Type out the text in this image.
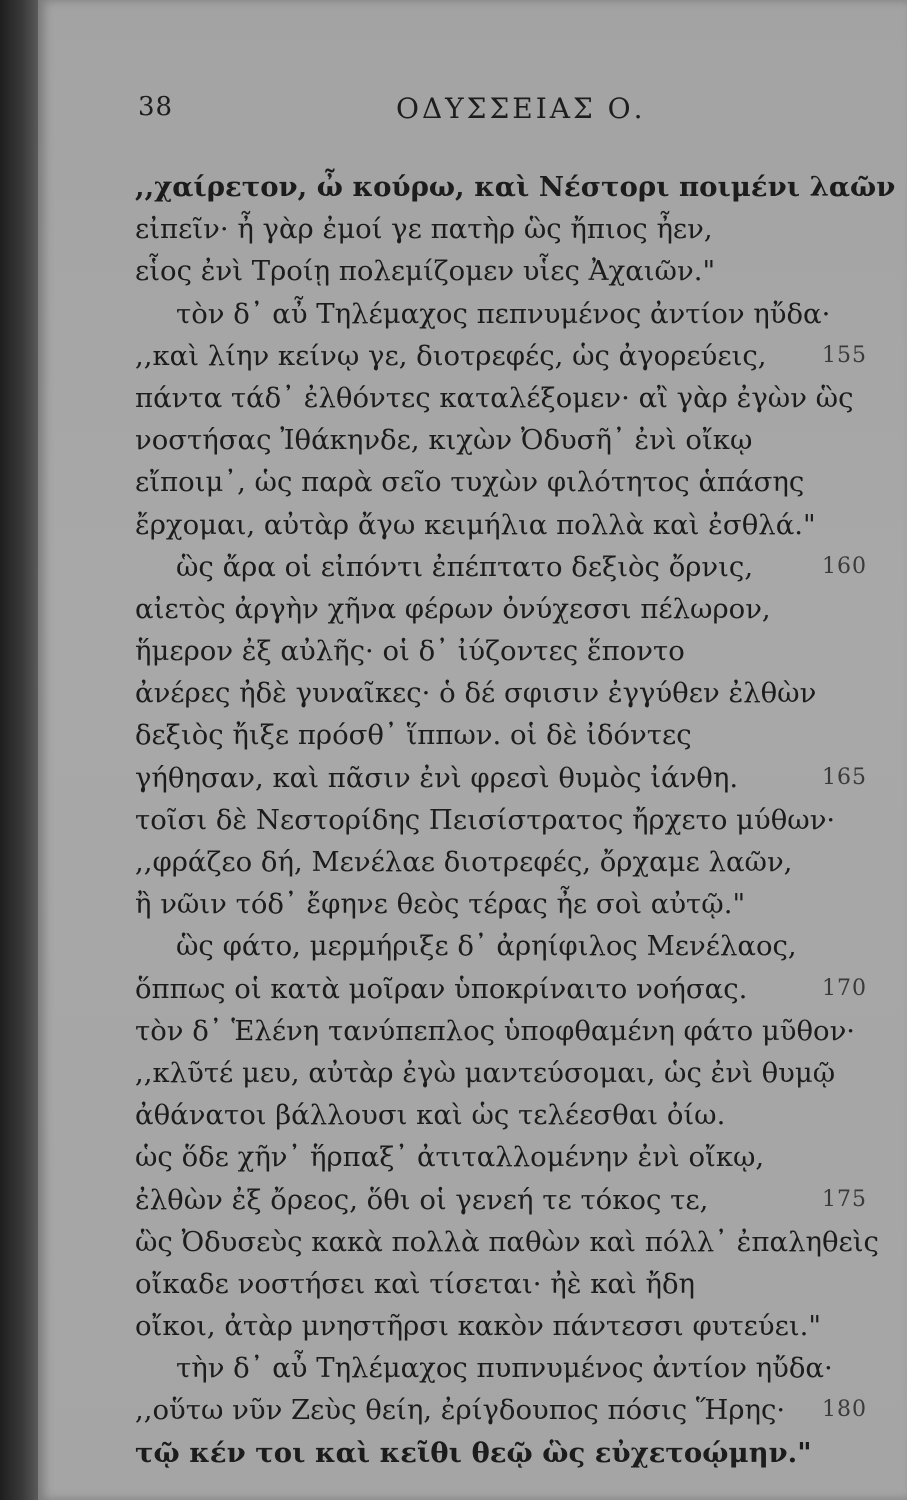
38	ΟΔΥΣΣΕΙΑΣ Ο.
,,χαίρετον, ὦ κούρω, καὶ Νέστορι ποιμένι λαῶν
εἰπεῖν· ἦ γὰρ ἐμοί γε πατὴρ ὣς ἤπιος ἦεν,
εἷος ἐνὶ Τροίῃ πολεμίζομεν υἷες Ἀχαιῶν."
τὸν δ᾽ αὖ Τηλέμαχος πεπνυμένος ἀντίον ηὔδα·
,,καὶ λίην κείνῳ γε, διοτρεφές, ὡς ἀγορεύεις,	155
πάντα τάδ᾽ ἐλθόντες καταλέξομεν· αἲ γὰρ ἐγὼν ὣς
νοστήσας Ἰθάκηνδε, κιχὼν Ὀδυσῆ᾽ ἐνὶ οἴκῳ
εἴποιμ᾽, ὡς παρὰ σεῖο τυχὼν φιλότητος ἁπάσης
ἔρχομαι, αὐτὰρ ἄγω κειμήλια πολλὰ καὶ ἐσθλά."
ὣς ἄρα οἱ εἰπόντι ἐπέπτατο δεξιὸς ὄρνις,	160
αἰετὸς ἀργὴν χῆνα φέρων ὀνύχεσσι πέλωρον,
ἥμερον ἐξ αὐλῆς· οἱ δ᾽ ἰύζοντες ἕποντο
ἀνέρες ἠδὲ γυναῖκες· ὁ δέ σφισιν ἐγγύθεν ἐλθὼν
δεξιὸς ἤιξε πρόσθ᾽ ἵππων. οἱ δὲ ἰδόντες
γήθησαν, καὶ πᾶσιν ἐνὶ φρεσὶ θυμὸς ἰάνθη.	165
τοῖσι δὲ Νεστορίδης Πεισίστρατος ἤρχετο μύθων·
,,φράζεο δή, Μενέλαε διοτρεφές, ὄρχαμε λαῶν,
ἢ νῶιν τόδ᾽ ἔφηνε θεὸς τέρας ἦε σοὶ αὐτῷ."
ὣς φάτο, μερμήριξε δ᾽ ἀρηίφιλος Μενέλαος,
ὅππως οἱ κατὰ μοῖραν ὑποκρίναιτο νοήσας.	170
τὸν δ᾽ Ἑλένη τανύπεπλος ὑποφθαμένη φάτο μῦθον·
,,κλῦτέ μευ, αὐτὰρ ἐγὼ μαντεύσομαι, ὡς ἐνὶ θυμῷ
ἀθάνατοι βάλλουσι καὶ ὡς τελέεσθαι ὀίω.
ὡς ὅδε χῆν᾽ ἥρπαξ᾽ ἀτιταλλομένην ἐνὶ οἴκῳ,
ἐλθὼν ἐξ ὄρεος, ὅθι οἱ γενεή τε τόκος τε,	175
ὣς Ὀδυσεὺς κακὰ πολλὰ παθὼν καὶ πόλλ᾽ ἐπαληθεὶς
οἴκαδε νοστήσει καὶ τίσεται· ἠὲ καὶ ἤδη
οἴκοι, ἀτὰρ μνηστῆρσι κακὸν πάντεσσι φυτεύει."
τὴν δ᾽ αὖ Τηλέμαχος πυπνυμένος ἀντίον ηὔδα·
,,οὕτω νῦν Ζεὺς θείη, ἐρίγδουπος πόσις Ἥρης· 180
τῷ κέν τοι καὶ κεῖθι θεῷ ὣς εὐχετοῴμην."
